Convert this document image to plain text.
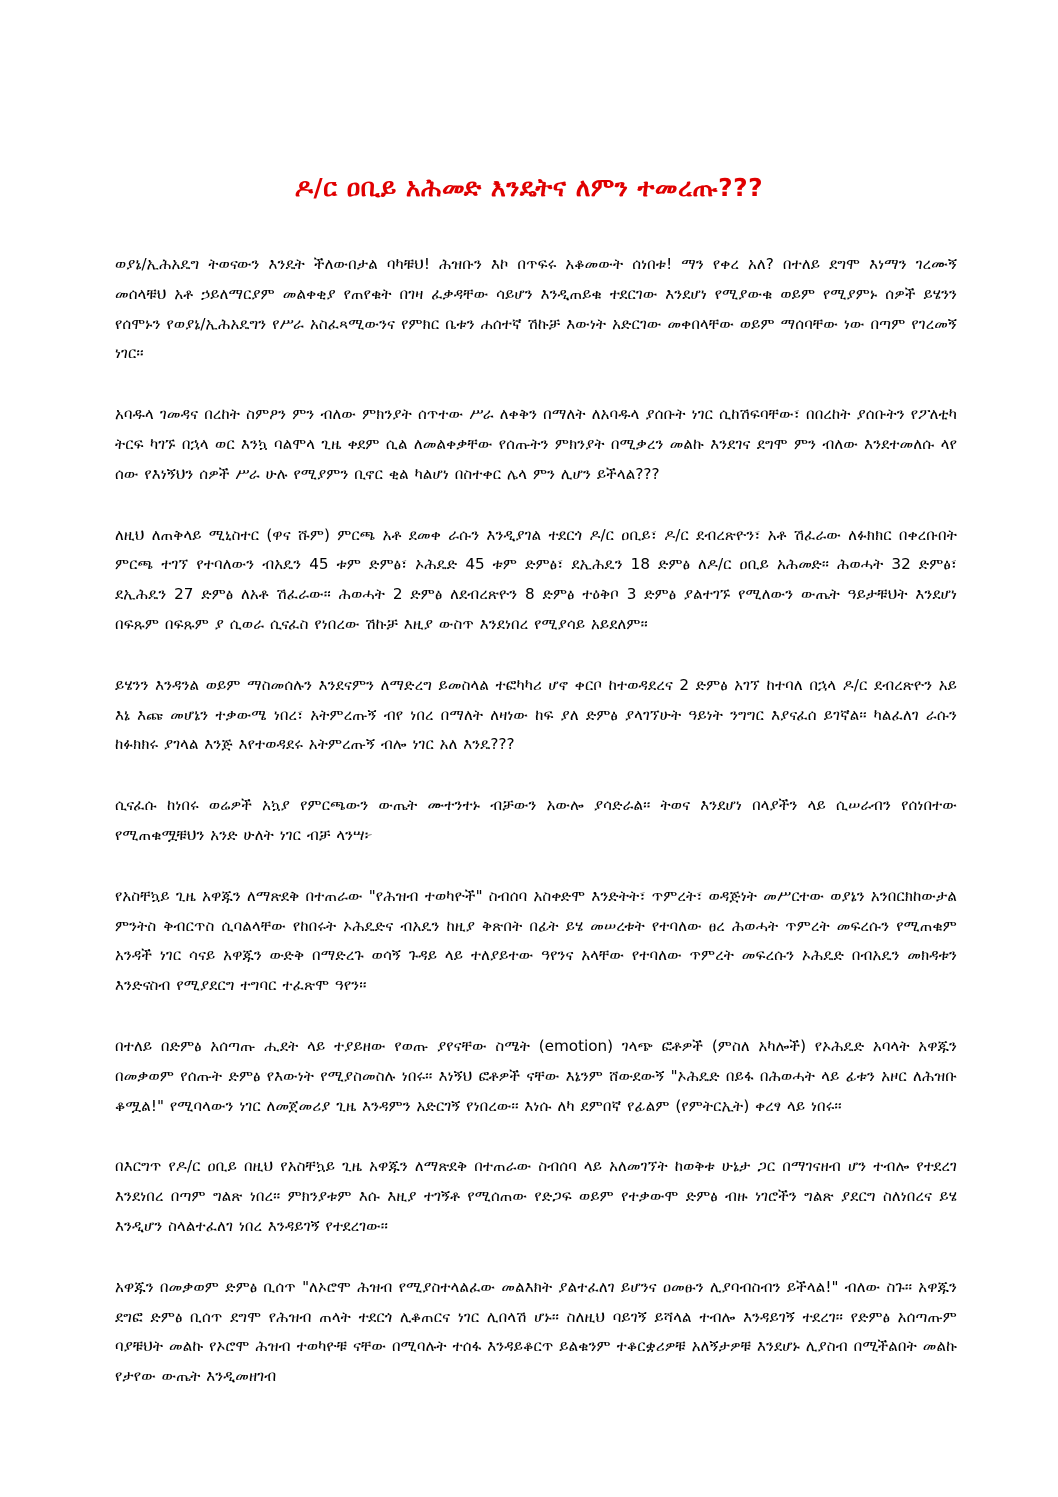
ዶ/ር ዐቢይ አሕመድ እንዴትና ለምን ተመረጡ???

ወያኔ/ኢሕአዴግ ትወናውን እንዴት ችለውበታል ባካቹህ! ሕዝቡን እኮ በጥፍሩ አቆመውት ሰነበቱ! ማን የቀረ አለ? በተለይ ደግሞ እነማን ገረሙኝ መሰላቹህ አቶ ኃይለማርያም መልቀቂያ የጠየቁት በገዛ ፈቃዳቸው ሳይሆን እንዲጠይቁ ተደርገው እንደሆነ የሚያውቁ ወይም የሚያምኑ ሰዎች ይሄንን የሰሞኑን የወያኔ/ኢሕአዴግን የሥራ አስፈጻሚውንና የምክር ቤቱን ሐሰተኛ ሽኩቻ እውነት አድርገው መቀበላቸው ወይም ማሰባቸው ነው በጣም የገረመኝ ነገር፡፡

አባዱላ ገመዳና በረከት ስምዖን ምን ብለው ምክንያት ሰጥተው ሥራ ለቀቅን በማለት ለአባዱላ ያሰቡት ነገር ሲከሽፍባቸው፣ በበረከት ያሰቡትን የፖለቲካ ትርፍ ካገኙ በኋላ ወር እንኳ ባልሞላ ጊዜ ቀደም ሲል ለመልቀቃቸው የሰጡትን ምክንያት በሚቃረን መልኩ እንደገና ደግሞ ምን ብለው እንደተመለሱ ላየ ሰው የእነኝህን ሰዎች ሥራ ሁሉ የሚያምን ቢኖር ቂል ካልሆነ በስተቀር ሌላ ምን ሊሆን ይችላል???

ለዚህ ለጠቅላይ ሚኒስተር (ዋና ሹም) ምርጫ አቶ ደመቀ ራሱን እንዲያገል ተደርጎ ዶ/ር ዐቢይ፣ ዶ/ር ደብረጽዮን፣ አቶ ሽፈራው ለፉክክር በቀረቡበት ምርጫ ተገኘ የተባለውን ብአዴን 45 ቱም ድምፅ፣ ኦሕዴድ 45 ቱም ድምፅ፣ ደኢሕዴን 18 ድምፅ ለዶ/ር ዐቢይ አሕመድ፡፡ ሕወሓት 32 ድምፅ፣ ደኢሕዴን 27 ድምፅ ለአቶ ሽፈራው፡፡ ሕወሓት 2 ድምፅ ለደብረጽዮን 8 ድምፅ ተዕቅቦ 3 ድምፅ ያልተገኙ የሚለውን ውጤት ዓይታቹህት እንደሆነ በፍጹም በፍጹም ያ ሲወራ ሲናፈስ የነበረው ሽኩቻ እዚያ ውስጥ እንደነበረ የሚያሳይ አይደለም፡፡

ይሄንን እንዳንል ወይም ማስመሰሉን እንደናምን ለማድረግ ይመስላል ተፎካካሪ ሆኖ ቀርቦ ከተወዳደረና 2 ድምፅ አገኘ ከተባለ በኋላ ዶ/ር ደብረጽዮን አይ እኔ እጩ መሆኔን ተቃውሜ ነበረ፣ አትምረጡኝ ብየ ነበረ በማለት ለዛነው ከፍ ያለ ድምፅ ያላገኘሁት ዓይነት ንግግር እያናፈሰ ይገኛል፡፡ ካልፈለገ ራሱን ከፉክክሩ ያገላል እንጅ እየተወዳደሩ አትምረጡኝ ብሎ ነገር አለ እንዴ???

ሲናፈሱ ከነበሩ ወሬዎች አኳያ የምርጫውን ውጤት ሙተንተኑ ብቻውን አውሎ ያሳድራል፡፡ ትወና እንደሆነ በላያችን ላይ ሲሠራብን የሰነበተው የሚጠቁሟቹህን አንድ ሁለት ነገር ብቻ ላንሣ፦

የአስቸኳይ ጊዜ አዋጁን ለማጽደቅ በተጠራው "የሕዝብ ተወካዮች" ስብሰባ አስቀድሞ እንድትት፣ ጥምረት፣ ወዳጅነት መሥርተው ወያኔን አንበርክከውታል ምንትስ ቅብርጥስ ሲባልላቸው የከበሩት ኦሕዴድና ብአዴን ከዚያ ቅጽበት በፊት ይሄ መሠረቱት የተባለው ፀረ ሕወሓት ጥምረት መፍረሱን የሚጠቁም አንዳች ነገር ሳናይ አዋጁን ውድቅ በማድረጉ ወሳኝ ጉዳይ ላይ ተለያይተው ዓየንና አላቸው የተባለው ጥምረት መፍረሱን ኦሕዴድ በብአዴን መክዳቱን እንድናስብ የሚያደርግ ተግባር ተፈጽሞ ዓየን፡፡

በተለይ በድምፅ አሰጣጡ ሒደት ላይ ተያይዘው የወጡ ያየናቸው ስሜት (emotion) ገላጭ ፎቶዎች (ምስለ አካሎች) የኦሕዴድ አባላት አዋጁን በመቃወም የሰጡት ድምፅ የእውነት የሚያስመስሉ ነበሩ፡፡ እነኝህ ፎቶዎች ናቸው እኔንም ሸውደውኝ "ኦሕዴድ በይፋ በሕወሓት ላይ ፊቱን አዞር ለሕዝቡ ቆሟል!" የሚባላውን ነገር ለመጀመሪያ ጊዜ እንዳምን አድርገኝ የነበረው፡፡ እነሱ ለካ ደምበኛ የፊልም (የምትርኢት) ቀረፃ ላይ ነበሩ፡፡

በእርግጥ የዶ/ር ዐቢይ በዚህ የአስቸኳይ ጊዜ አዋጁን ለማጽደቅ በተጠራው ስብሰባ ላይ አለመገኘት ከወቅቱ ሁኔታ ጋር በማገናዘብ ሆን ተብሎ የተደረገ እንደነበረ በጣም ግልጽ ነበረ፡፡ ምክንያቱም እሱ እዚያ ተገኝቶ የሚሰጠው የድጋፍ ወይም የተቃውሞ ድምፅ ብዙ ነገሮችን ግልጽ ያደርግ ስለነበረና ይሄ እንዲሆን ስላልተፈለገ ነበረ እንዳይገኝ የተደረገው፡፡

አዋጁን በመቃወም ድምፅ ቢሰጥ "ለኦሮሞ ሕዝብ የሚያስተላልፈው መልእክት ያልተፈለገ ይሆንና ዐመፁን ሊያባብስብን ይችላል!" ብለው ስጉ፡፡ አዋጁን ደግፎ ድምፅ ቢሰጥ ደግሞ የሕዝብ ጠላት ተደርጎ ሊቆጠርና ነገር ሊበላሽ ሆኑ፡፡ ስለዚህ ባይገኝ ይሻላል ተብሎ እንዳይገኝ ተደረገ፡፡ የድምፅ አሰጣጡም ባያቹህት መልኩ የኦሮሞ ሕዝብ ተወካዮቹ ናቸው በሚባሉት ተሰፋ እንዳይቆርጥ ይልቁንም ተቆርቋሪዎቹ አለኝታዎቹ እንደሆኑ ሊያስብ በሚችልበት መልኩ የታየው ውጤት እንዲመዘገብ
